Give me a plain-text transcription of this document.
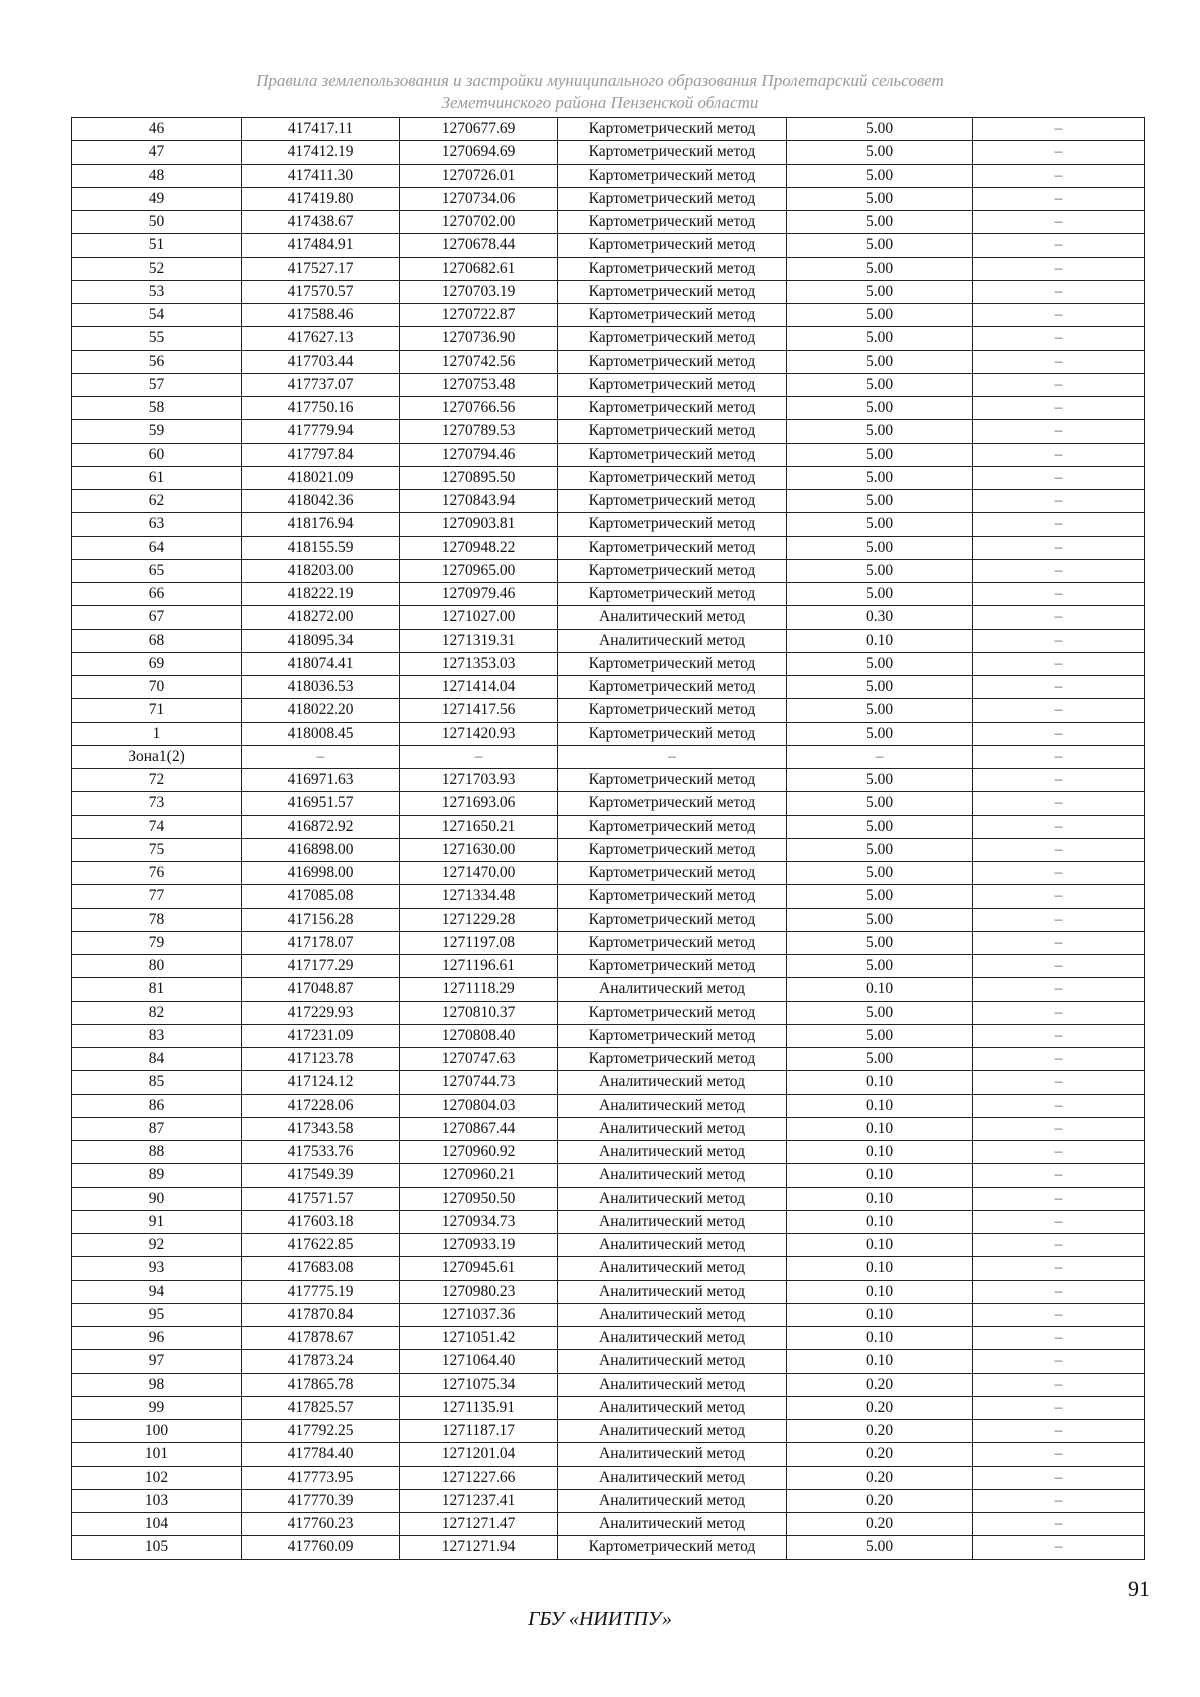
Правила землепользования и застройки муниципального образования Пролетарский сельсовет
Земетчинского района Пензенской области
46	417417.11	1270677.69	Картометрический метод	5.00	–
47	417412.19	1270694.69	Картометрический метод	5.00	–
48	417411.30	1270726.01	Картометрический метод	5.00	–
49	417419.80	1270734.06	Картометрический метод	5.00	–
50	417438.67	1270702.00	Картометрический метод	5.00	–
51	417484.91	1270678.44	Картометрический метод	5.00	–
52	417527.17	1270682.61	Картометрический метод	5.00	–
53	417570.57	1270703.19	Картометрический метод	5.00	–
54	417588.46	1270722.87	Картометрический метод	5.00	–
55	417627.13	1270736.90	Картометрический метод	5.00	–
56	417703.44	1270742.56	Картометрический метод	5.00	–
57	417737.07	1270753.48	Картометрический метод	5.00	–
58	417750.16	1270766.56	Картометрический метод	5.00	–
59	417779.94	1270789.53	Картометрический метод	5.00	–
60	417797.84	1270794.46	Картометрический метод	5.00	–
61	418021.09	1270895.50	Картометрический метод	5.00	–
62	418042.36	1270843.94	Картометрический метод	5.00	–
63	418176.94	1270903.81	Картометрический метод	5.00	–
64	418155.59	1270948.22	Картометрический метод	5.00	–
65	418203.00	1270965.00	Картометрический метод	5.00	–
66	418222.19	1270979.46	Картометрический метод	5.00	–
67	418272.00	1271027.00	Аналитический метод	0.30	–
68	418095.34	1271319.31	Аналитический метод	0.10	–
69	418074.41	1271353.03	Картометрический метод	5.00	–
70	418036.53	1271414.04	Картометрический метод	5.00	–
71	418022.20	1271417.56	Картометрический метод	5.00	–
1	418008.45	1271420.93	Картометрический метод	5.00	–
Зона1(2)	–	–	–	–	–
72	416971.63	1271703.93	Картометрический метод	5.00	–
73	416951.57	1271693.06	Картометрический метод	5.00	–
74	416872.92	1271650.21	Картометрический метод	5.00	–
75	416898.00	1271630.00	Картометрический метод	5.00	–
76	416998.00	1271470.00	Картометрический метод	5.00	–
77	417085.08	1271334.48	Картометрический метод	5.00	–
78	417156.28	1271229.28	Картометрический метод	5.00	–
79	417178.07	1271197.08	Картометрический метод	5.00	–
80	417177.29	1271196.61	Картометрический метод	5.00	–
81	417048.87	1271118.29	Аналитический метод	0.10	–
82	417229.93	1270810.37	Картометрический метод	5.00	–
83	417231.09	1270808.40	Картометрический метод	5.00	–
84	417123.78	1270747.63	Картометрический метод	5.00	–
85	417124.12	1270744.73	Аналитический метод	0.10	–
86	417228.06	1270804.03	Аналитический метод	0.10	–
87	417343.58	1270867.44	Аналитический метод	0.10	–
88	417533.76	1270960.92	Аналитический метод	0.10	–
89	417549.39	1270960.21	Аналитический метод	0.10	–
90	417571.57	1270950.50	Аналитический метод	0.10	–
91	417603.18	1270934.73	Аналитический метод	0.10	–
92	417622.85	1270933.19	Аналитический метод	0.10	–
93	417683.08	1270945.61	Аналитический метод	0.10	–
94	417775.19	1270980.23	Аналитический метод	0.10	–
95	417870.84	1271037.36	Аналитический метод	0.10	–
96	417878.67	1271051.42	Аналитический метод	0.10	–
97	417873.24	1271064.40	Аналитический метод	0.10	–
98	417865.78	1271075.34	Аналитический метод	0.20	–
99	417825.57	1271135.91	Аналитический метод	0.20	–
100	417792.25	1271187.17	Аналитический метод	0.20	–
101	417784.40	1271201.04	Аналитический метод	0.20	–
102	417773.95	1271227.66	Аналитический метод	0.20	–
103	417770.39	1271237.41	Аналитический метод	0.20	–
104	417760.23	1271271.47	Аналитический метод	0.20	–
105	417760.09	1271271.94	Картометрический метод	5.00	–
91
ГБУ «НИИТПУ»
